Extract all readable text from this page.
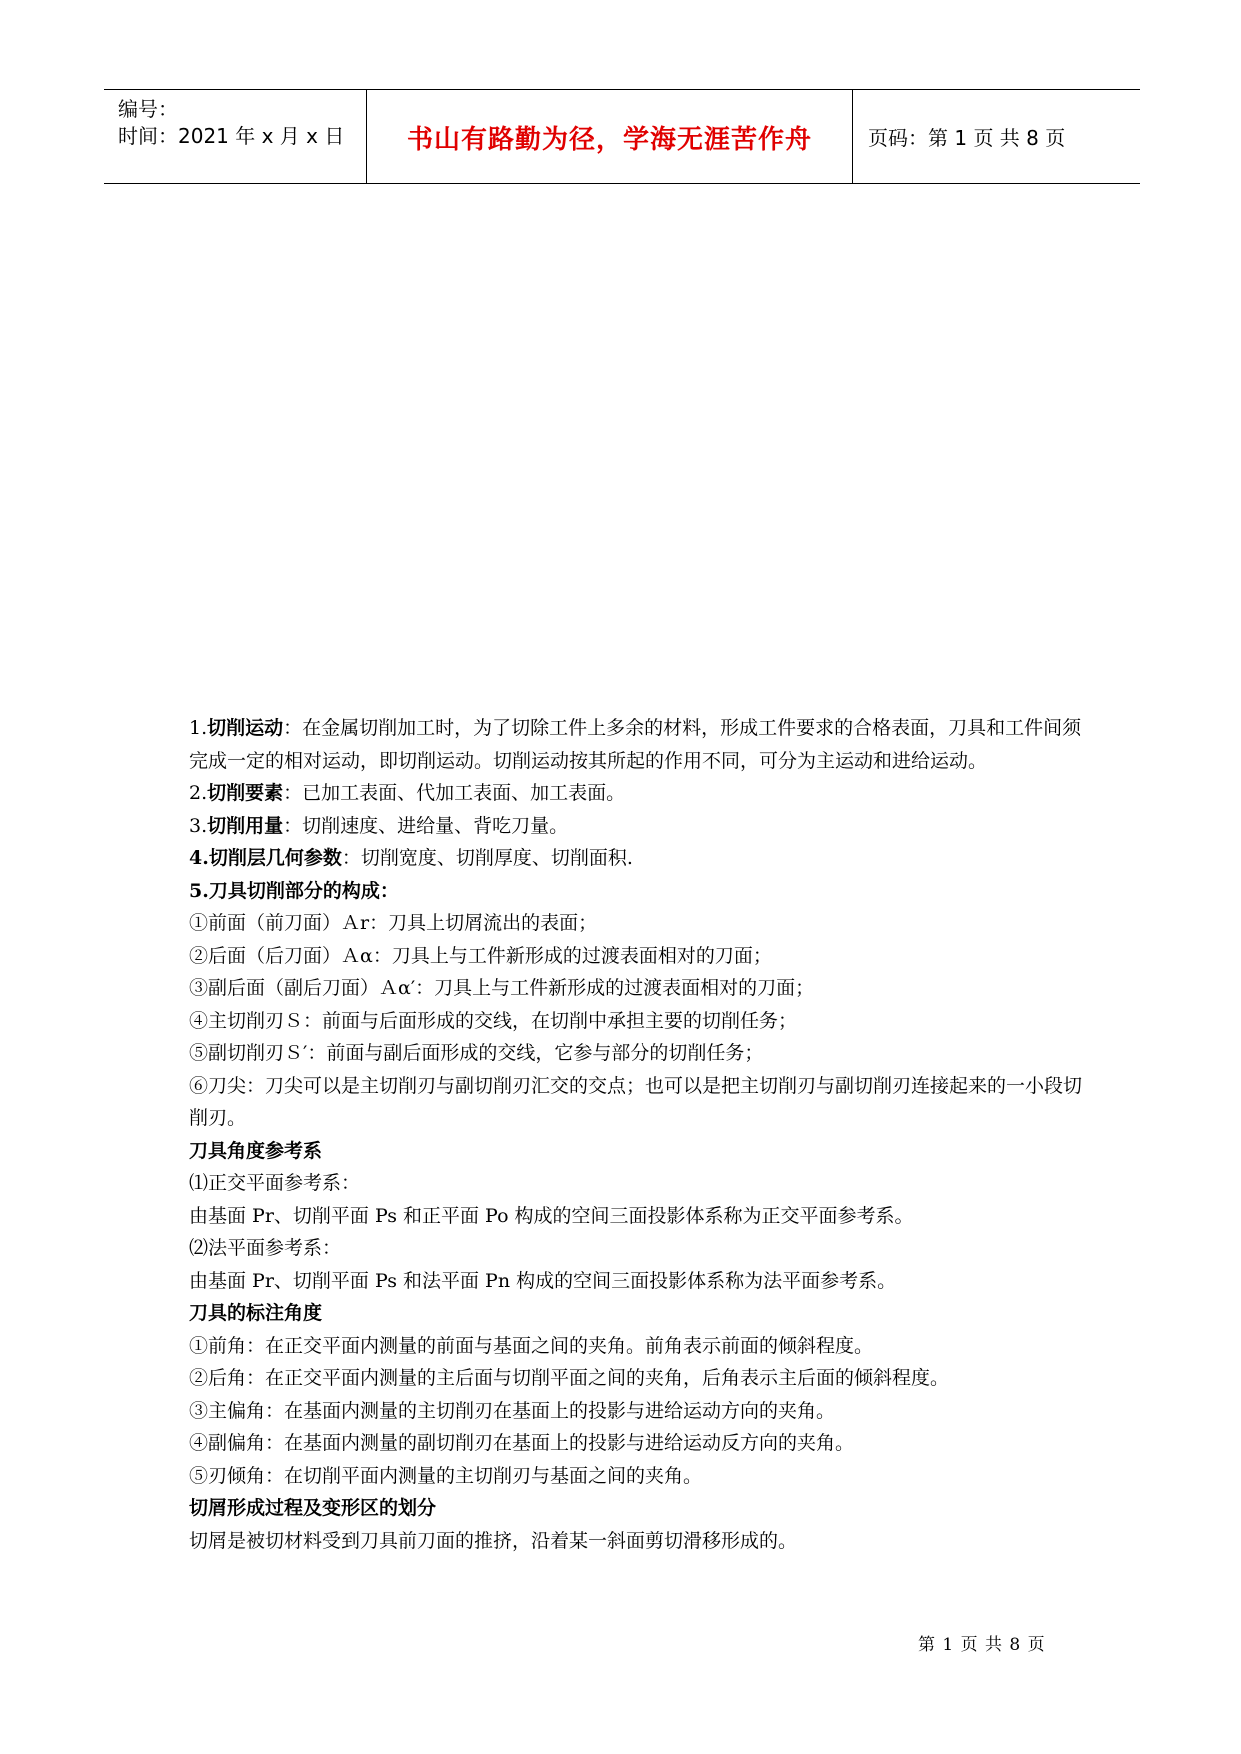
编号：
时间：2021 年 x 月 x 日	书山有路勤为径，学海无涯苦作舟	页码：第 1 页 共 8 页

1.切削运动：在金属切削加工时，为了切除工件上多余的材料，形成工件要求的合格表面，刀具和工件间须完成一定的相对运动，即切削运动。切削运动按其所起的作用不同，可分为主运动和进给运动。

2.切削要素：已加工表面、代加工表面、加工表面。

3.切削用量：切削速度、进给量、背吃刀量。

4.切削层几何参数：切削宽度、切削厚度、切削面积.

5.刀具切削部分的构成：

①前面（前刀面）Ａr：刀具上切屑流出的表面；

②后面（后刀面）Ａα：刀具上与工件新形成的过渡表面相对的刀面；

③副后面（副后刀面）Ａα′：刀具上与工件新形成的过渡表面相对的刀面；

④主切削刃Ｓ：前面与后面形成的交线，在切削中承担主要的切削任务；

⑤副切削刃Ｓ′：前面与副后面形成的交线，它参与部分的切削任务；

⑥刀尖：刀尖可以是主切削刃与副切削刃汇交的交点；也可以是把主切削刃与副切削刃连接起来的一小段切削刃。

刀具角度参考系

⑴正交平面参考系：

由基面 Pr、切削平面 Ps 和正平面 Po 构成的空间三面投影体系称为正交平面参考系。

⑵法平面参考系：

由基面 Pr、切削平面 Ps 和法平面 Pn 构成的空间三面投影体系称为法平面参考系。

刀具的标注角度

①前角：在正交平面内测量的前面与基面之间的夹角。前角表示前面的倾斜程度。

②后角：在正交平面内测量的主后面与切削平面之间的夹角，后角表示主后面的倾斜程度。

③主偏角：在基面内测量的主切削刃在基面上的投影与进给运动方向的夹角。

④副偏角：在基面内测量的副切削刃在基面上的投影与进给运动反方向的夹角。

⑤刃倾角：在切削平面内测量的主切削刃与基面之间的夹角。

切屑形成过程及变形区的划分

切屑是被切材料受到刀具前刀面的推挤，沿着某一斜面剪切滑移形成的。

第 1 页 共 8 页
